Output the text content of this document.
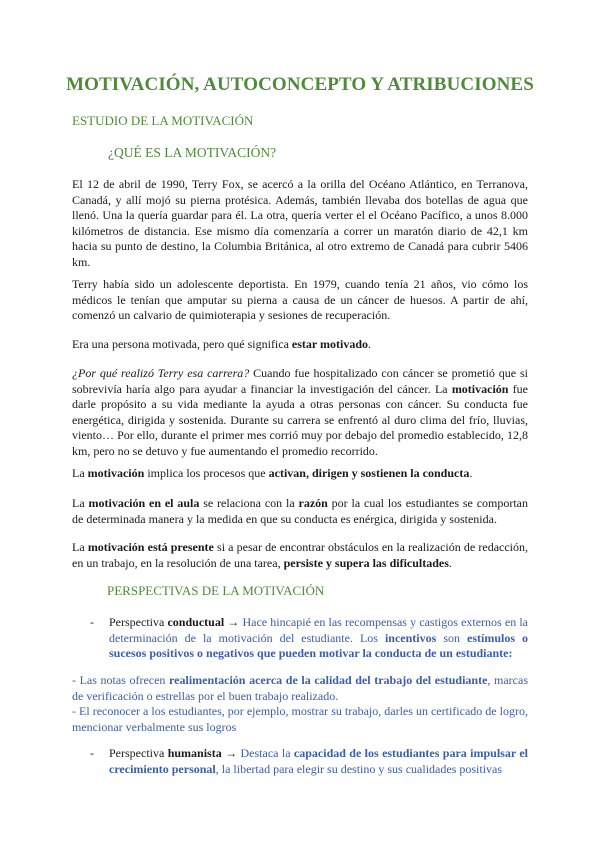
MOTIVACIÓN, AUTOCONCEPTO Y ATRIBUCIONES
ESTUDIO DE LA MOTIVACIÓN
¿QUÉ ES LA MOTIVACIÓN?
El 12 de abril de 1990, Terry Fox, se acercó a la orilla del Océano Atlántico, en Terranova, Canadá, y allí mojó su pierna protésica. Además, también llevaba dos botellas de agua que llenó. Una la quería guardar para él. La otra, quería verter el el Océano Pacífico, a unos 8.000 kilómetros de distancia. Ese mismo día comenzaría a correr un maratón diario de 42,1 km hacia su punto de destino, la Columbia Británica, al otro extremo de Canadá para cubrir 5406 km.
Terry había sido un adolescente deportista. En 1979, cuando tenía 21 años, vio cómo los médicos le tenían que amputar su pierna a causa de un cáncer de huesos. A partir de ahí, comenzó un calvario de quimioterapia y sesiones de recuperación.
Era una persona motivada, pero qué significa estar motivado.
¿Por qué realizó Terry esa carrera? Cuando fue hospitalizado con cáncer se prometió que si sobrevivía haría algo para ayudar a financiar la investigación del cáncer. La motivación fue darle propósito a su vida mediante la ayuda a otras personas con cáncer. Su conducta fue energética, dirigida y sostenida. Durante su carrera se enfrentó al duro clima del frío, lluvias, viento… Por ello, durante el primer mes corrió muy por debajo del promedio establecido, 12,8 km, pero no se detuvo y fue aumentando el promedio recorrido.
La motivación implica los procesos que activan, dirigen y sostienen la conducta.
La motivación en el aula se relaciona con la razón por la cual los estudiantes se comportan de determinada manera y la medida en que su conducta es enérgica, dirigida y sostenida.
La motivación está presente si a pesar de encontrar obstáculos en la realización de redacción, en un trabajo, en la resolución de una tarea, persiste y supera las dificultades.
PERSPECTIVAS DE LA MOTIVACIÓN
- Perspectiva conductual → Hace hincapié en las recompensas y castigos externos en la determinación de la motivación del estudiante. Los incentivos son estímulos o sucesos positivos o negativos que pueden motivar la conducta de un estudiante:
- Las notas ofrecen realimentación acerca de la calidad del trabajo del estudiante, marcas de verificación o estrellas por el buen trabajo realizado.
- El reconocer a los estudiantes, por ejemplo, mostrar su trabajo, darles un certificado de logro, mencionar verbalmente sus logros
- Perspectiva humanista → Destaca la capacidad de los estudiantes para impulsar el crecimiento personal, la libertad para elegir su destino y sus cualidades positivas
